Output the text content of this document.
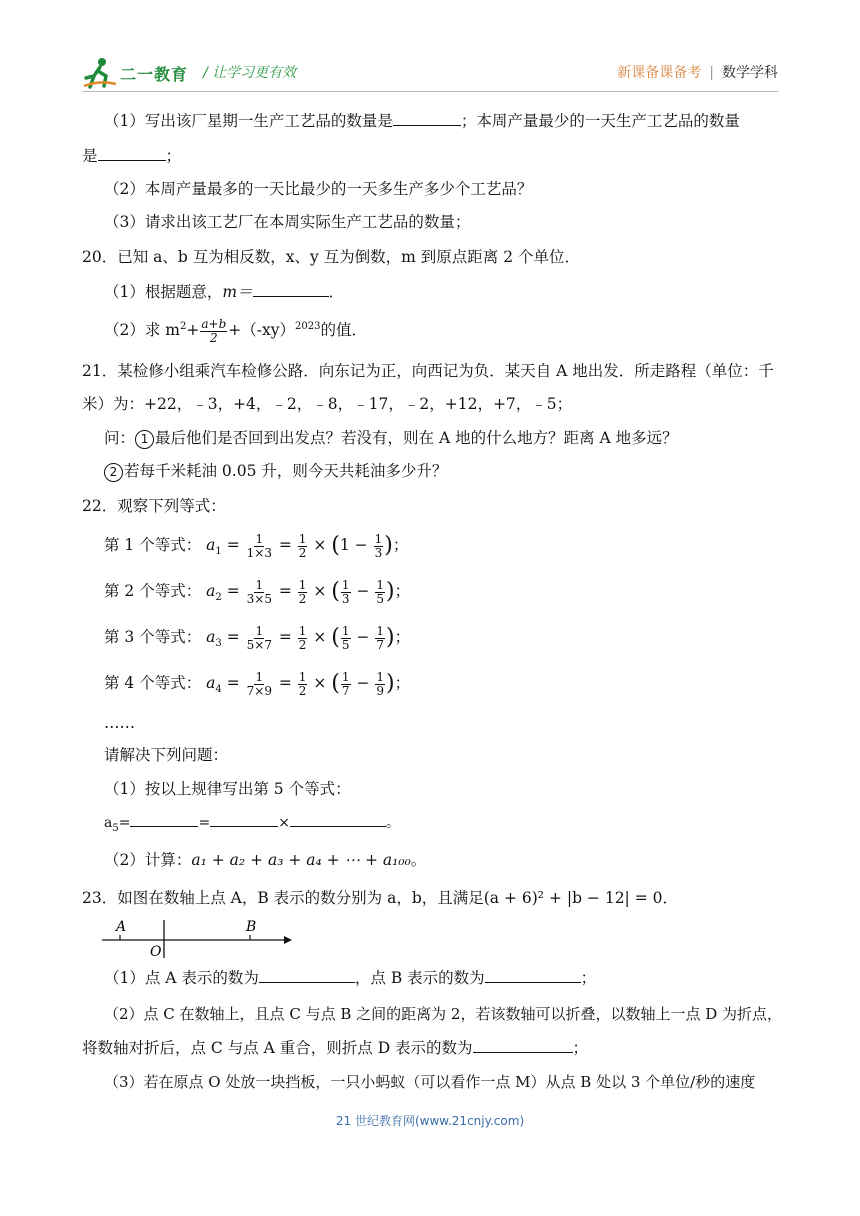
二一教育 / 让学习更有效	新课备课备考 | 数学学科
（1）写出该厂星期一生产工艺品的数量是	；本周产量最少的一天生产工艺品的数量
是	；
（2）本周产量最多的一天比最少的一天多生产多少个工艺品？
（3）请求出该工艺厂在本周实际生产工艺品的数量；
20．已知 a、b 互为相反数，x、y 互为倒数，m 到原点距离 2 个单位．
（1）根据题意，m＝	．
（2）求 $m^2+ \frac{a+b}{2} +(-xy)^{2023}$的值．
21．某检修小组乘汽车检修公路．向东记为正，向西记为负．某天自 A 地出发．所走路程（单位：千
米）为：+22，﹣3，+4，﹣2，﹣8，﹣17，﹣2，+12，+7，﹣5；
问： 1 最后他们是否回到出发点？若没有，则在 A 地的什么地方？距离 A 地多远？
2 若每千米耗油 0.05 升，则今天共耗油多少升？
22．观察下列等式：
第 1 个等式： $a_1 = \frac{1}{1\times 3} = \frac{1}{2} \times (1 - \frac{1}{3}$ )；
第 2 个等式： $a_2 = \frac{1}{3\times 5} = \frac{1}{2}$ × ( $\frac{1}{3} - \frac{1}{5}$ )；
第 3 个等式： $a_3 = \frac{1}{5\times 7} = \frac{1}{2}$ × ( $\frac{1}{5} - \frac{1}{7}$ )；
第 4 个等式： $a_4 = \frac{1}{7\times 9} = \frac{1}{2}$ × ( $\frac{1}{7} - \frac{1}{9}$ )；
……
请解决下列问题：
（1）按以上规律写出第 5 个等式：
$a_5=$	=	×	。
（2）计算：a₁ + a₂ + a₃ + a₄ + ⋯ + a₁₀₀。
23．如图在数轴上点 A，B 表示的数分别为 a，b，且满足(a + 6)² + |b − 12| = 0．
A
O
B
（1）点 A 表示的数为	，点 B 表示的数为	；
（2）点 C 在数轴上，且点 C 与点 B 之间的距离为 2，若该数轴可以折叠，以数轴上一点 D 为折点，
将数轴对折后，点 C 与点 A 重合，则折点 D 表示的数为	；
（3）若在原点 O 处放一块挡板，一只小蚂蚁（可以看作一点 M）从点 B 处以 3 个单位/秒的速度
21 世纪教育网(www.21cnjy.com)
